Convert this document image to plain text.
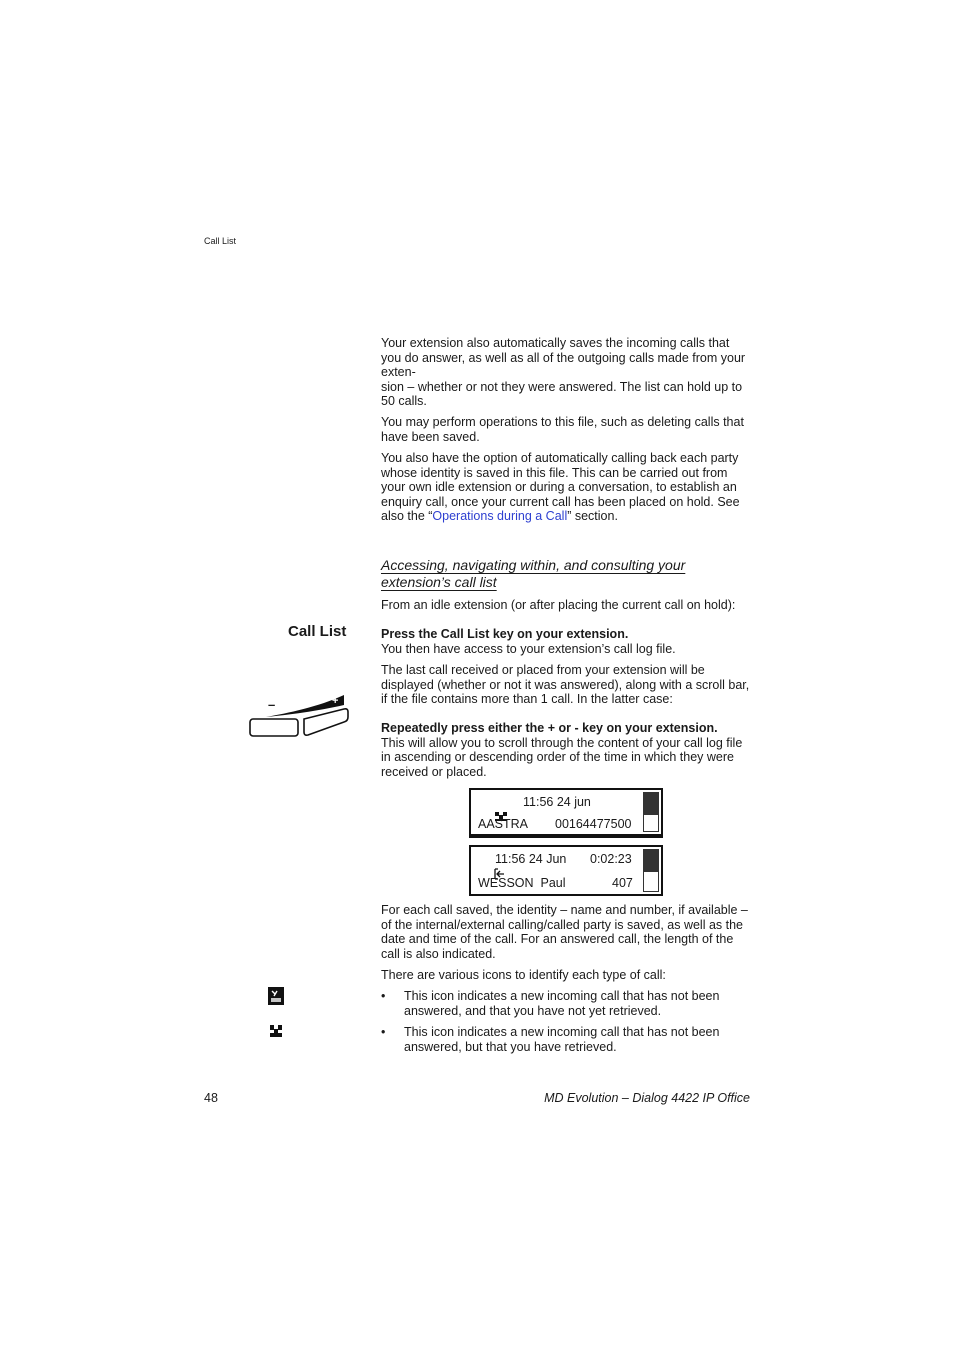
Call List

Your extension also automatically saves the incoming calls that you do answer, as well as all of the outgoing calls made from your exten-

sion – whether or not they were answered. The list can hold up to 50 calls.

You may perform operations to this file, such as deleting calls that have been saved.

You also have the option of automatically calling back each party whose identity is saved in this file. This can be carried out from your own idle extension or during a conversation, to establish an enquiry call, once your current call has been placed on hold. See also the “Operations during a Call” section.

Accessing, navigating within, and consulting your
extension’s call list
From an idle extension (or after placing the current call on hold):
Call List	Press the Call List key on your extension.

You then have access to your extension’s call log file.

The last call received or placed from your extension will be displayed (whether or not it was answered), along with a scroll bar, if the file contains more than 1 call. In the latter case:
–	+

Repeatedly press either the + or - key on your extension.

This will allow you to scroll through the content of your call log file in ascending or descending order of the time in which they were received or placed.

11:56 24 jun
AASTRA 00164477500

11:56 24 Jun 0:02:23
WESSON  Paul	407
For each call saved, the identity – name and number, if available – of the internal/external calling/called party is saved, as well as the date and time of the call. For an answered call, the length of the call is also indicated.
There are various icons to identify each type of call:
• This icon indicates a new incoming call that has not been answered, and that you have not yet retrieved.
• This icon indicates a new incoming call that has not been answered, but that you have retrieved.
48	MD Evolution – Dialog 4422 IP Office
